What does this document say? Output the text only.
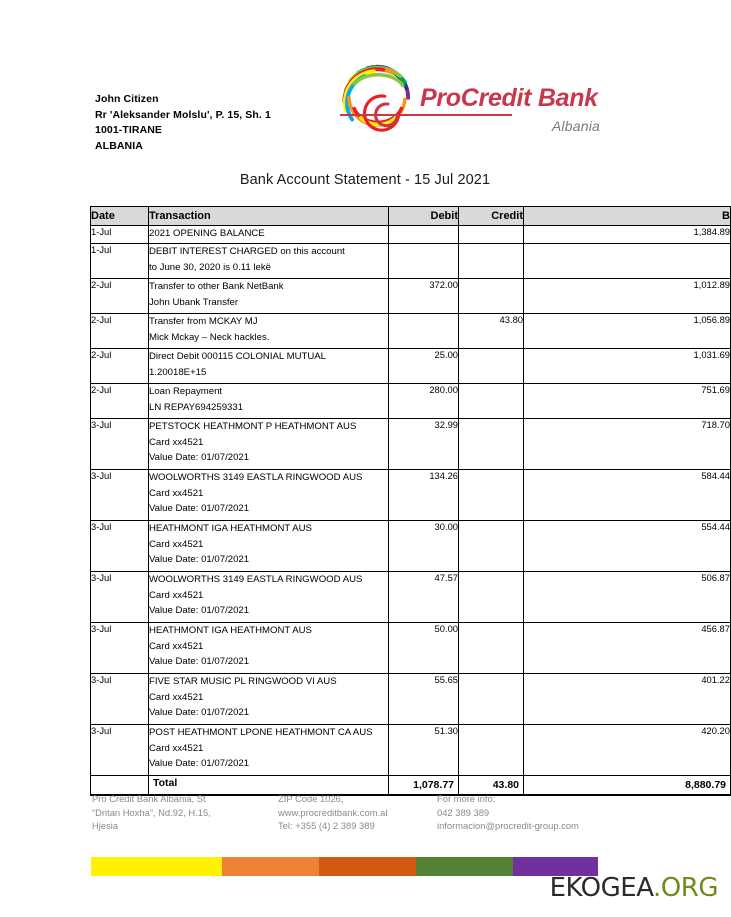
John Citizen
Rr 'Aleksander Molslu', P. 15, Sh. 1
1001-TIRANE
ALBANIA
ProCredit Bank
Albania
Bank Account Statement - 15 Jul 2021
Date	Transaction	Debit	Credit	B
1-Jul	2021 OPENING BALANCE			1,384.89
1-Jul	DEBIT INTEREST CHARGED on this account
to June 30, 2020 is 0.11 lekë			

2-Jul	Transfer to other Bank NetBank
John Ubank Transfer	372.00		1,012.89
2-Jul	Transfer from MCKAY MJ
Mick Mckay – Neck hackles.		43.80	1,056.89
2-Jul	Direct Debit 000115 COLONIAL MUTUAL
1.20018E+15	25.00		1,031.69
2-Jul	Loan Repayment
LN REPAY694259331	280.00		751.69
3-Jul	PETSTOCK HEATHMONT P HEATHMONT AUS
Card xx4521
Value Date: 01/07/2021	32.99		718.70
3-Jul	WOOLWORTHS 3149 EASTLA RINGWOOD AUS
Card xx4521
Value Date: 01/07/2021	134.26		584.44
3-Jul	HEATHMONT IGA HEATHMONT AUS
Card xx4521
Value Date: 01/07/2021	30.00		554.44
3-Jul	WOOLWORTHS 3149 EASTLA RINGWOOD AUS
Card xx4521
Value Date: 01/07/2021	47.57		506.87
3-Jul	HEATHMONT IGA HEATHMONT AUS
Card xx4521
Value Date: 01/07/2021	50.00		456.87
3-Jul	FIVE STAR MUSIC PL RINGWOOD VI AUS
Card xx4521
Value Date: 01/07/2021	55.65		401.22
3-Jul	POST HEATHMONT LPONE HEATHMONT CA AUS
Card xx4521
Value Date: 01/07/2021	51.30		420.20
	Total	1,078.77	43.80	8,880.79
Pro Credit Bank Albania, St
“Dritan Hoxha”, Nd.92, H.15,
Hjesia
ZIP Code 1026,
www.procreditbank.com.al
Tel: +355 (4) 2 389 389
For more info:
042 389 389
informacion@procredit-group.com
EKOGEA.ORG
